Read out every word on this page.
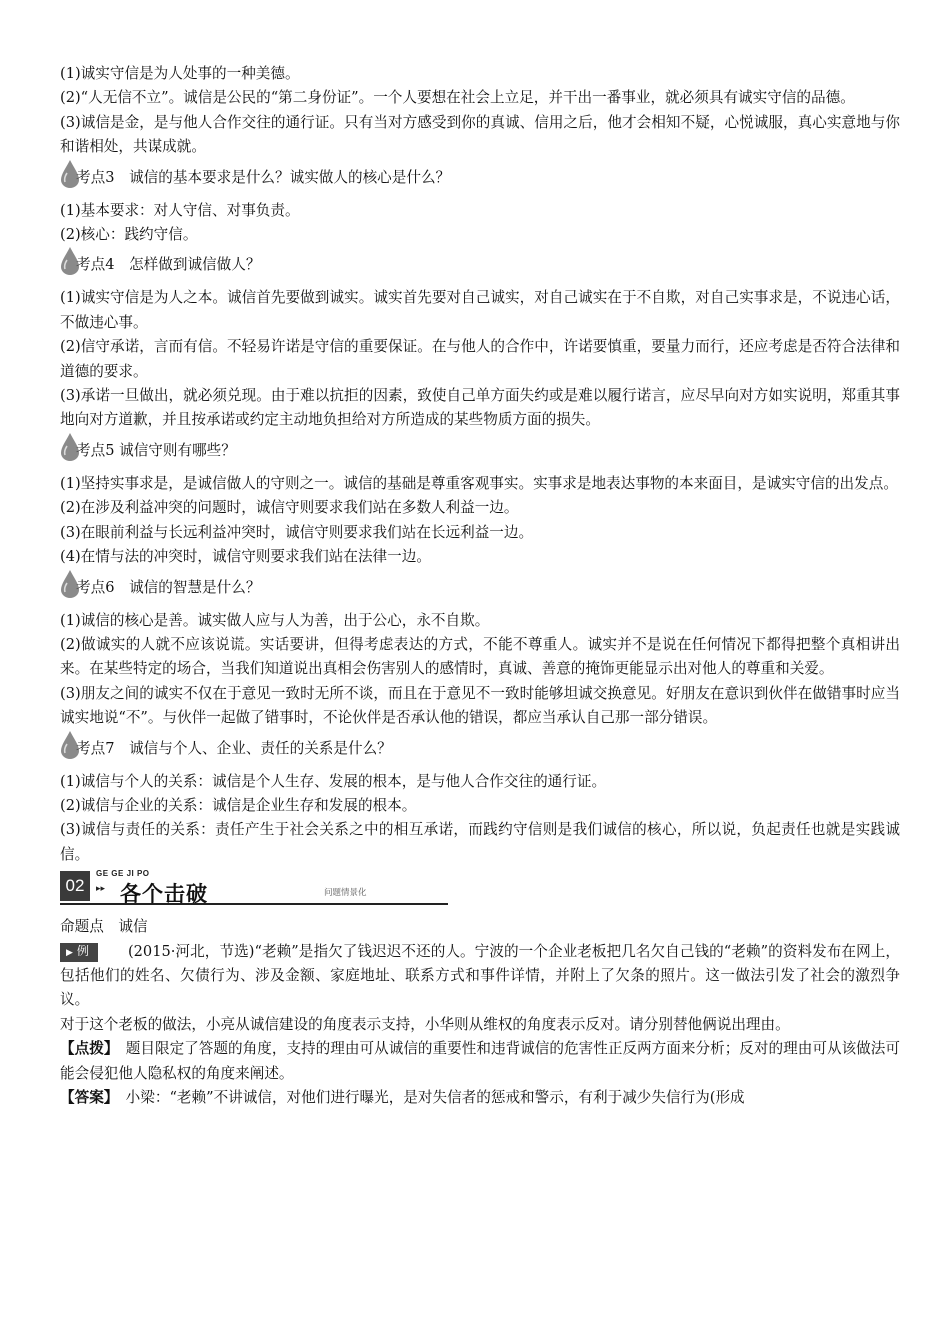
(1)诚实守信是为人处事的一种美德。

(2)“人无信不立”。诚信是公民的“第二身份证”。一个人要想在社会上立足，并干出一番事业，就必须具有诚实守信的品德。

(3)诚信是金，是与他人合作交往的通行证。只有当对方感受到你的真诚、信用之后，他才会相知不疑，心悦诚服，真心实意地与你和谐相处，共谋成就。

考点3　诚信的基本要求是什么？诚实做人的核心是什么？

(1)基本要求：对人守信、对事负责。

(2)核心：践约守信。

考点4　怎样做到诚信做人？

(1)诚实守信是为人之本。诚信首先要做到诚实。诚实首先要对自己诚实，对自己诚实在于不自欺，对自己实事求是，不说违心话，不做违心事。

(2)信守承诺，言而有信。不轻易许诺是守信的重要保证。在与他人的合作中，许诺要慎重，要量力而行，还应考虑是否符合法律和道德的要求。

(3)承诺一旦做出，就必须兑现。由于难以抗拒的因素，致使自己单方面失约或是难以履行诺言，应尽早向对方如实说明，郑重其事地向对方道歉，并且按承诺或约定主动地负担给对方所造成的某些物质方面的损失。

考点5 诚信守则有哪些？

(1)坚持实事求是，是诚信做人的守则之一。诚信的基础是尊重客观事实。实事求是地表达事物的本来面目，是诚实守信的出发点。

(2)在涉及利益冲突的问题时，诚信守则要求我们站在多数人利益一边。

(3)在眼前利益与长远利益冲突时，诚信守则要求我们站在长远利益一边。

(4)在情与法的冲突时，诚信守则要求我们站在法律一边。

考点6　诚信的智慧是什么？

(1)诚信的核心是善。诚实做人应与人为善，出于公心，永不自欺。

(2)做诚实的人就不应该说谎。实话要讲，但得考虑表达的方式，不能不尊重人。诚实并不是说在任何情况下都得把整个真相讲出来。在某些特定的场合，当我们知道说出真相会伤害别人的感情时，真诚、善意的掩饰更能显示出对他人的尊重和关爱。

(3)朋友之间的诚实不仅在于意见一致时无所不谈，而且在于意见不一致时能够坦诚交换意见。好朋友在意识到伙伴在做错事时应当诚实地说“不”。与伙伴一起做了错事时，不论伙伴是否承认他的错误，都应当承认自己那一部分错误。

考点7　诚信与个人、企业、责任的关系是什么？

(1)诚信与个人的关系：诚信是个人生存、发展的根本，是与他人合作交往的通行证。

(2)诚信与企业的关系：诚信是企业生存和发展的根本。

(3)诚信与责任的关系：责任产生于社会关系之中的相互承诺，而践约守信则是我们诚信的核心，所以说，负起责任也就是实践诚信。

02
GE GE JI PO
▸▸ 各个击破	问题情景化

命题点　诚信

▶ 例	(2015·河北，节选)“老赖”是指欠了钱迟迟不还的人。宁波的一个企业老板把几名欠自己钱的“老赖”的资料发布在网上，包括他们的姓名、欠债行为、涉及金额、家庭地址、联系方式和事件详情，并附上了欠条的照片。这一做法引发了社会的激烈争议。

对于这个老板的做法，小亮从诚信建设的角度表示支持，小华则从维权的角度表示反对。请分别替他俩说出理由。

【点拨】　题目限定了答题的角度，支持的理由可从诚信的重要性和违背诚信的危害性正反两方面来分析；反对的理由可从该做法可能会侵犯他人隐私权的角度来阐述。

【答案】　小梁：“老赖”不讲诚信，对他们进行曝光，是对失信者的惩戒和警示，有利于减少失信行为(形成
